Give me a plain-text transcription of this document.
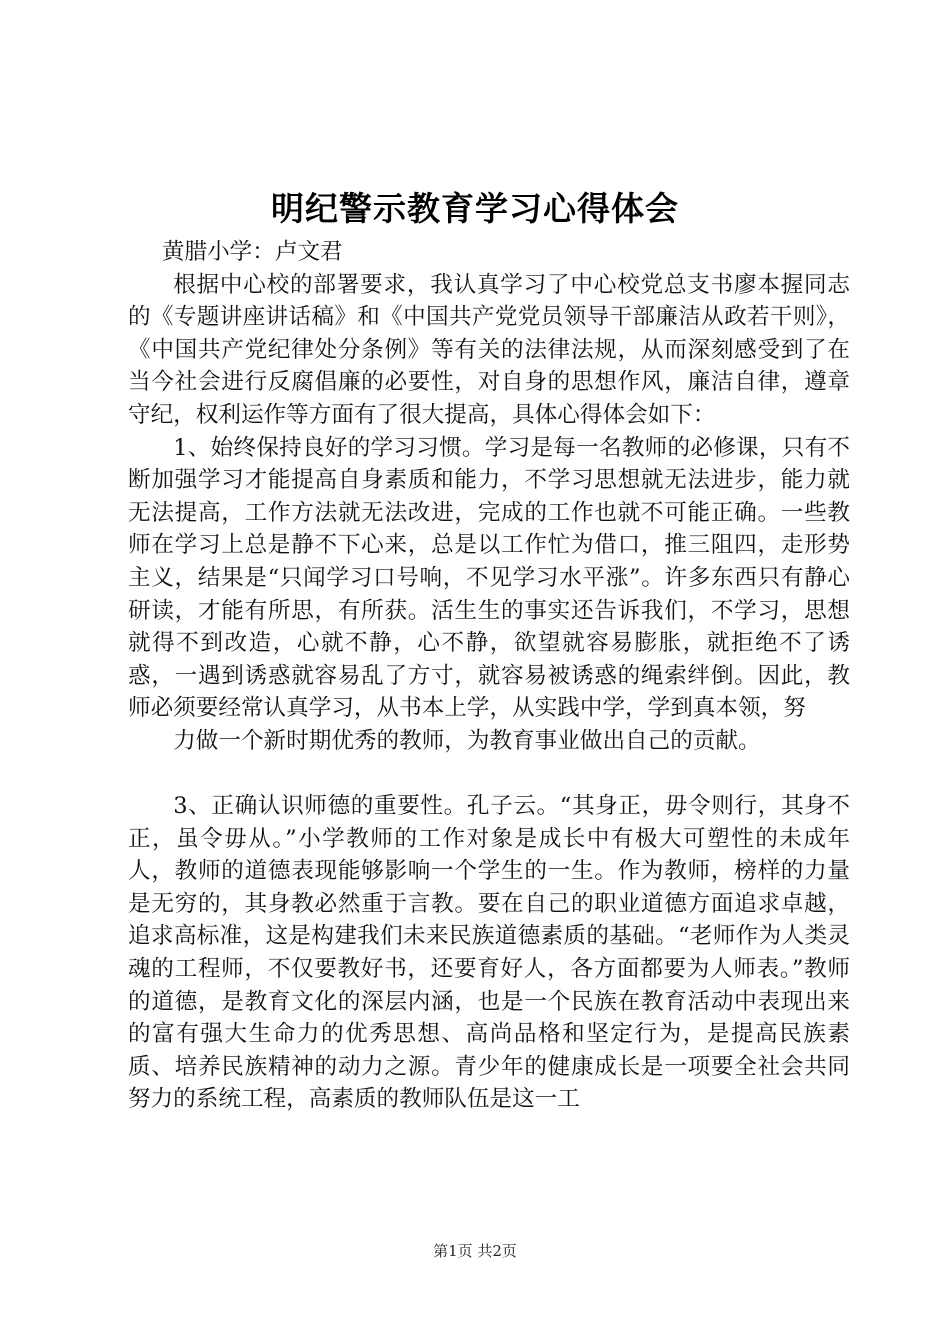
明纪警示教育学习心得体会

黄腊小学：卢文君

根据中心校的部署要求，我认真学习了中心校党总支书廖本握同志的《专题讲座讲话稿》和《中国共产党党员领导干部廉洁从政若干则》，《中国共产党纪律处分条例》等有关的法律法规，从而深刻感受到了在当今社会进行反腐倡廉的必要性，对自身的思想作风，廉洁自律，遵章守纪，权利运作等方面有了很大提高，具体心得体会如下：

1、始终保持良好的学习习惯。学习是每一名教师的必修课，只有不断加强学习才能提高自身素质和能力，不学习思想就无法进步，能力就无法提高，工作方法就无法改进，完成的工作也就不可能正确。一些教师在学习上总是静不下心来，总是以工作忙为借口，推三阻四，走形势主义，结果是“只闻学习口号响，不见学习水平涨”。许多东西只有静心研读，才能有所思，有所获。活生生的事实还告诉我们，不学习，思想就得不到改造，心就不静，心不静，欲望就容易膨胀，就拒绝不了诱惑，一遇到诱惑就容易乱了方寸，就容易被诱惑的绳索绊倒。因此，教师必须要经常认真学习，从书本上学，从实践中学，学到真本领，努

力做一个新时期优秀的教师，为教育事业做出自己的贡献。

3、正确认识师德的重要性。孔子云。“其身正，毋令则行，其身不正，虽令毋从。”小学教师的工作对象是成长中有极大可塑性的未成年人，教师的道德表现能够影响一个学生的一生。作为教师，榜样的力量是无穷的，其身教必然重于言教。要在自己的职业道德方面追求卓越，追求高标准，这是构建我们未来民族道德素质的基础。“老师作为人类灵魂的工程师，不仅要教好书，还要育好人，各方面都要为人师表。”教师的道德，是教育文化的深层内涵，也是一个民族在教育活动中表现出来的富有强大生命力的优秀思想、高尚品格和坚定行为，是提高民族素质、培养民族精神的动力之源。青少年的健康成长是一项要全社会共同努力的系统工程，高素质的教师队伍是这一工

第1页 共2页
